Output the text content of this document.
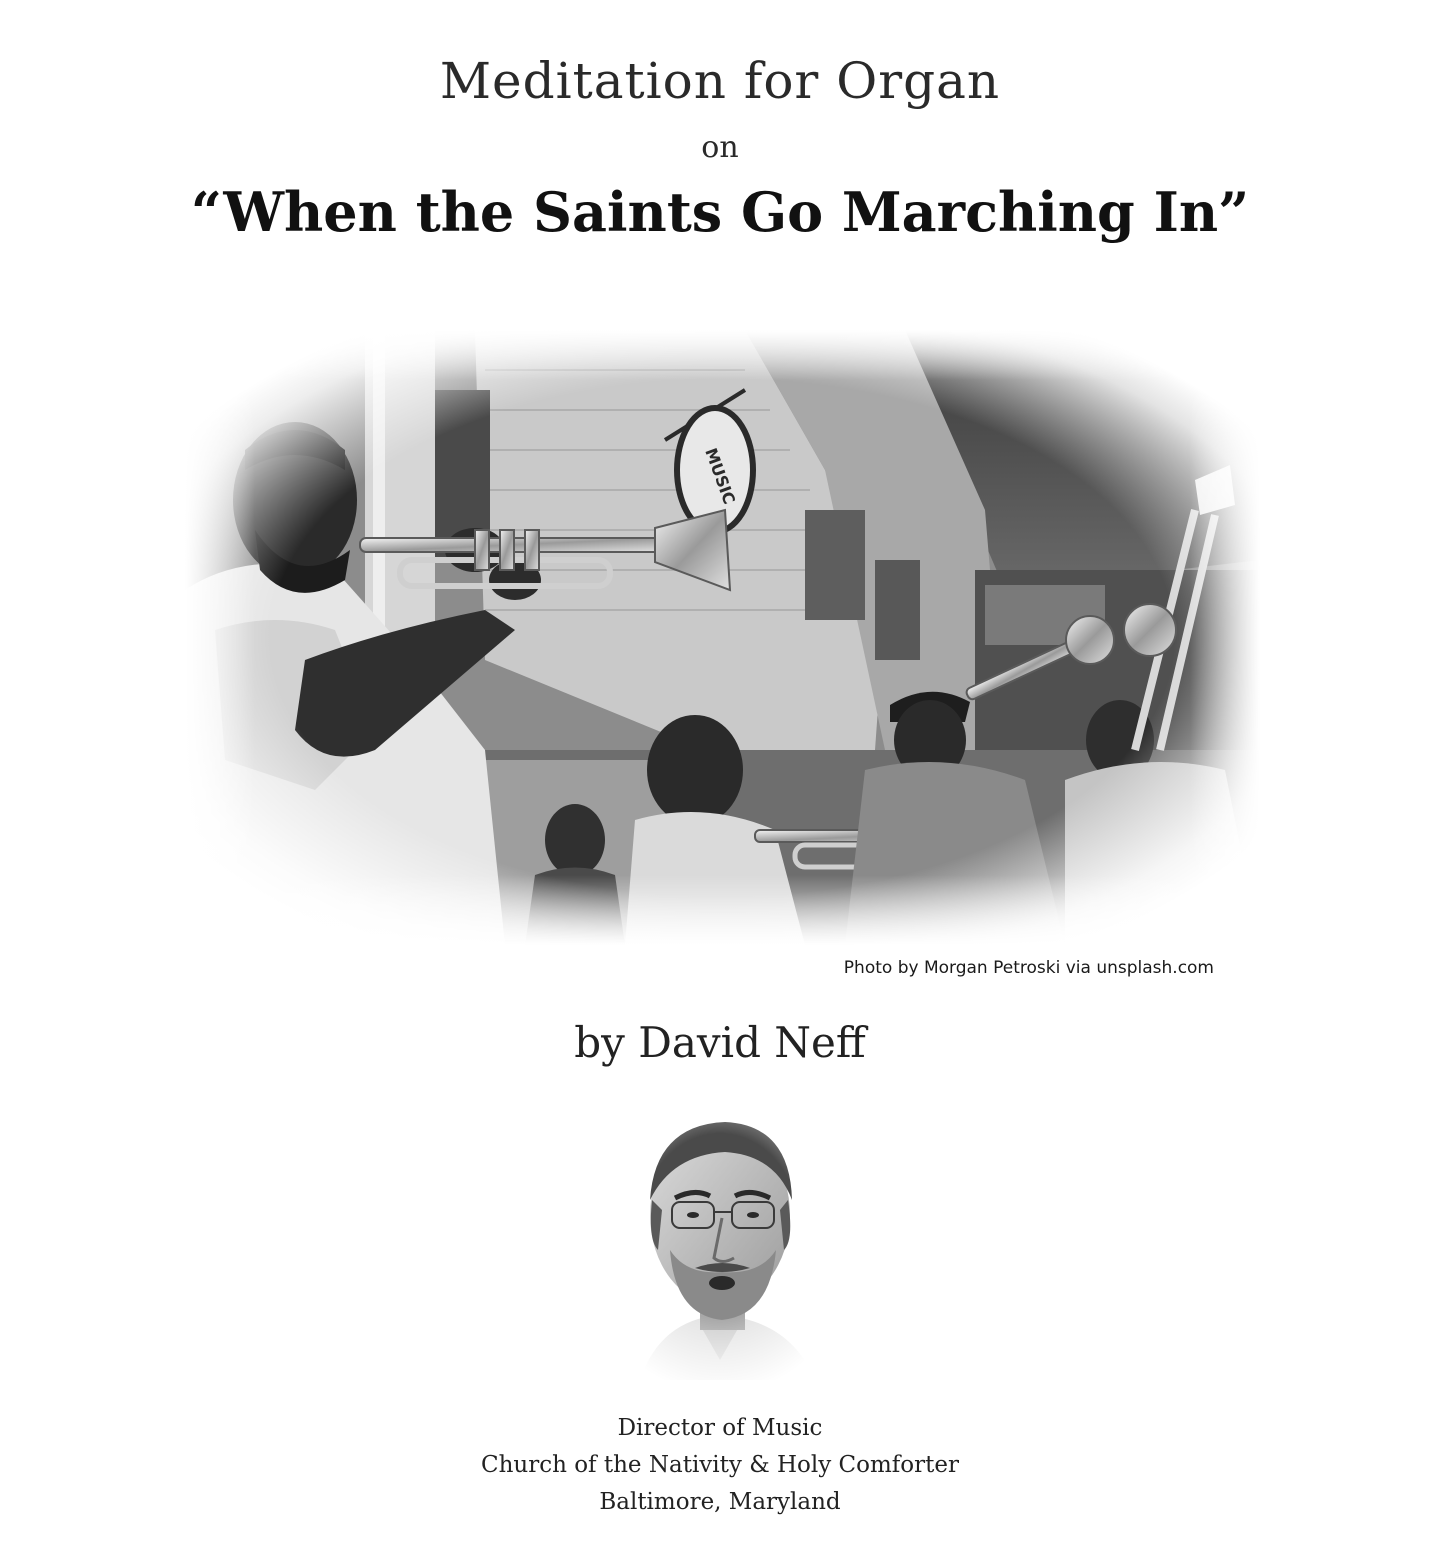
Meditation for Organ
on
“When the Saints Go Marching In”
Photo by Morgan Petroski via unsplash.com
by David Neff
Director of Music
Church of the Nativity & Holy Comforter
Baltimore, Maryland
